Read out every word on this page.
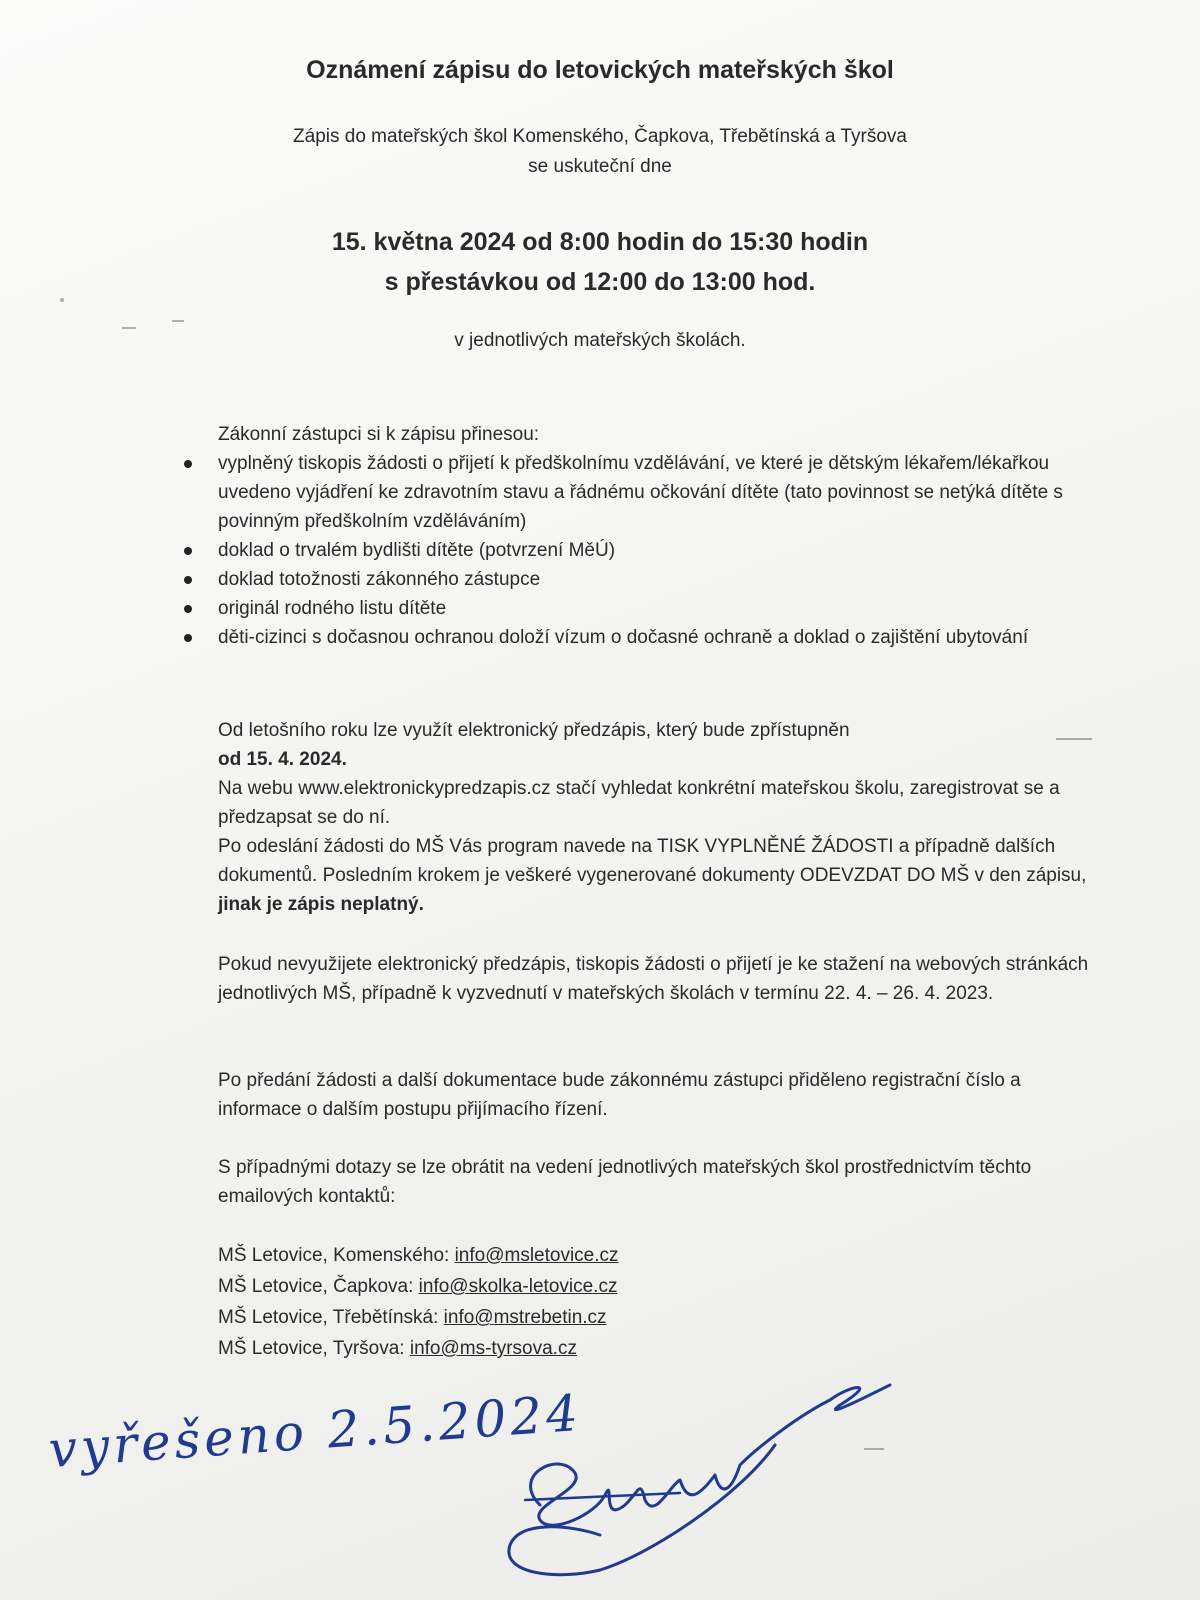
Oznámení zápisu do letovických mateřských škol
Zápis do mateřských škol Komenského, Čapkova, Třebětínská a Tyršova
se uskuteční dne
15. května 2024 od 8:00 hodin do 15:30 hodin
s přestávkou od 12:00 do 13:00 hod.
v jednotlivých mateřských školách.

Zákonní zástupci si k zápisu přinesou:

vyplněný tiskopis žádosti o přijetí k předškolnímu vzdělávání, ve které je dětským lékařem/lékařkou uvedeno vyjádření ke zdravotním stavu a řádnému očkování dítěte (tato povinnost se netýká dítěte s povinným předškolním vzděláváním)
doklad o trvalém bydlišti dítěte (potvrzení MěÚ)
doklad totožnosti zákonného zástupce
originál rodného listu dítěte
děti-cizinci s dočasnou ochranou doloží vízum o dočasné ochraně a doklad o zajištění ubytování

Od letošního roku lze využít elektronický předzápis, který bude zpřístupněn

od 15. 4. 2024.

Na webu www.elektronickypredzapis.cz stačí vyhledat konkrétní mateřskou školu, zaregistrovat se a předzapsat se do ní.

Po odeslání žádosti do MŠ Vás program navede na TISK VYPLNĚNÉ ŽÁDOSTI a případně dalších dokumentů. Posledním krokem je veškeré vygenerované dokumenty ODEVZDAT DO MŠ v den zápisu, jinak je zápis neplatný.

Pokud nevyužijete elektronický předzápis, tiskopis žádosti o přijetí je ke stažení na webových stránkách jednotlivých MŠ, případně k vyzvednutí v mateřských školách v termínu 22. 4. – 26. 4. 2023.
Po předání žádosti a další dokumentace bude zákonnému zástupci přiděleno registrační číslo a informace o dalším postupu přijímacího řízení.
S případnými dotazy se lze obrátit na vedení jednotlivých mateřských škol prostřednictvím těchto emailových kontaktů:
MŠ Letovice, Komenského: info@msletovice.cz
MŠ Letovice, Čapkova: info@skolka-letovice.cz
MŠ Letovice, Třebětínská: info@mstrebetin.cz
MŠ Letovice, Tyršova: info@ms-tyrsova.cz
vyřešeno 2.5.2024
